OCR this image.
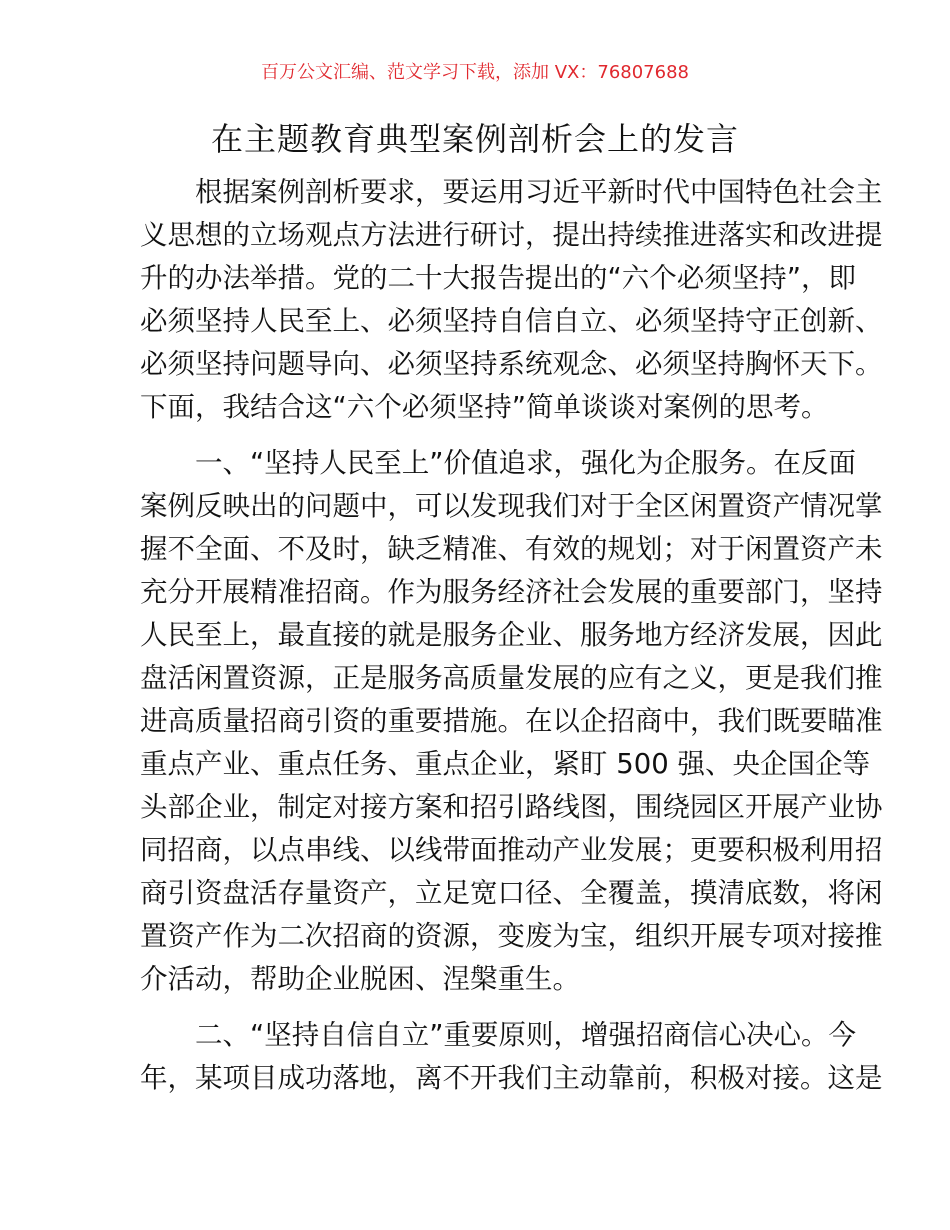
百万公文汇编、范文学习下载，添加 VX：76807688
在主题教育典型案例剖析会上的发言
　　根据案例剖析要求，要运用习近平新时代中国特色社会主
义思想的立场观点方法进行研讨，提出持续推进落实和改进提
升的办法举措。党的二十大报告提出的“六个必须坚持”，即
必须坚持人民至上、必须坚持自信自立、必须坚持守正创新、
必须坚持问题导向、必须坚持系统观念、必须坚持胸怀天下。
下面，我结合这“六个必须坚持”简单谈谈对案例的思考。
　　一、“坚持人民至上”价值追求，强化为企服务。在反面
案例反映出的问题中，可以发现我们对于全区闲置资产情况掌
握不全面、不及时，缺乏精准、有效的规划；对于闲置资产未
充分开展精准招商。作为服务经济社会发展的重要部门，坚持
人民至上，最直接的就是服务企业、服务地方经济发展，因此
盘活闲置资源，正是服务高质量发展的应有之义，更是我们推
进高质量招商引资的重要措施。在以企招商中，我们既要瞄准
重点产业、重点任务、重点企业，紧盯 500 强、央企国企等
头部企业，制定对接方案和招引路线图，围绕园区开展产业协
同招商，以点串线、以线带面推动产业发展；更要积极利用招
商引资盘活存量资产，立足宽口径、全覆盖，摸清底数，将闲
置资产作为二次招商的资源，变废为宝，组织开展专项对接推
介活动，帮助企业脱困、涅槃重生。
　　二、“坚持自信自立”重要原则，增强招商信心决心。今
年，某项目成功落地，离不开我们主动靠前，积极对接。这是
